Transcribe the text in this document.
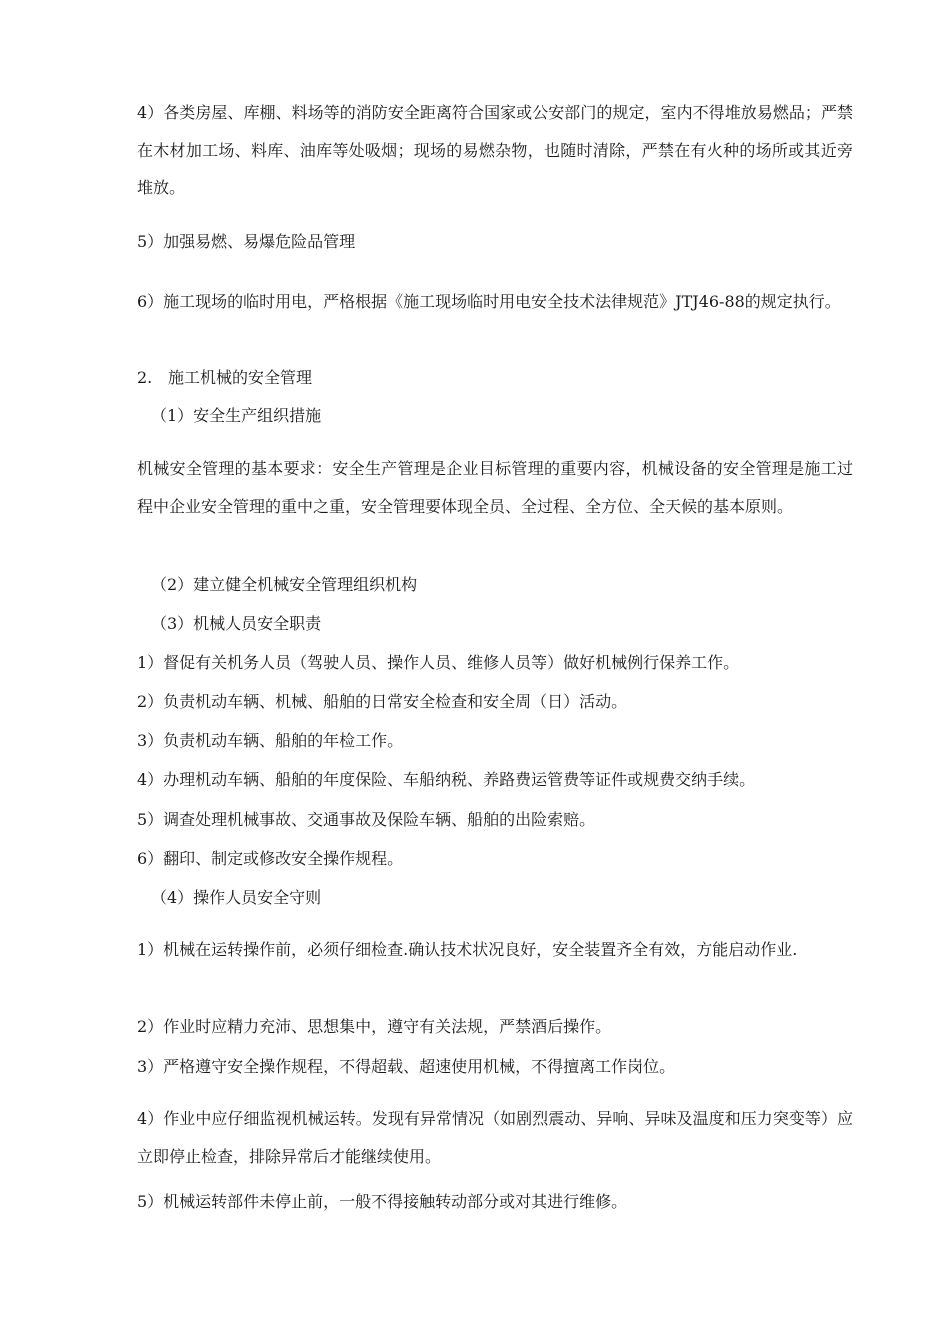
4）各类房屋、库棚、料场等的消防安全距离符合国家或公安部门的规定，室内不得堆放易燃品；严禁在木材加工场、料库、油库等处吸烟；现场的易燃杂物，也随时清除，严禁在有火种的场所或其近旁堆放。
5）加强易燃、易爆危险品管理
6）施工现场的临时用电，严格根据《施工现场临时用电安全技术法律规范》JTJ46-88的规定执行。
2. 施工机械的安全管理
（1）安全生产组织措施
机械安全管理的基本要求：安全生产管理是企业目标管理的重要内容，机械设备的安全管理是施工过程中企业安全管理的重中之重，安全管理要体现全员、全过程、全方位、全天候的基本原则。
（2）建立健全机械安全管理组织机构
（3）机械人员安全职责
1）督促有关机务人员（驾驶人员、操作人员、维修人员等）做好机械例行保养工作。
2）负责机动车辆、机械、船舶的日常安全检查和安全周（日）活动。
3）负责机动车辆、船舶的年检工作。
4）办理机动车辆、船舶的年度保险、车船纳税、养路费运管费等证件或规费交纳手续。
5）调查处理机械事故、交通事故及保险车辆、船舶的出险索赔。
6）翻印、制定或修改安全操作规程。
（4）操作人员安全守则
1）机械在运转操作前，必须仔细检查.确认技术状况良好，安全装置齐全有效，方能启动作业.
2）作业时应精力充沛、思想集中，遵守有关法规，严禁酒后操作。
3）严格遵守安全操作规程，不得超载、超速使用机械，不得擅离工作岗位。
4）作业中应仔细监视机械运转。发现有异常情况（如剧烈震动、异响、异味及温度和压力突变等）应立即停止检查，排除异常后才能继续使用。
5）机械运转部件未停止前，一般不得接触转动部分或对其进行维修。
